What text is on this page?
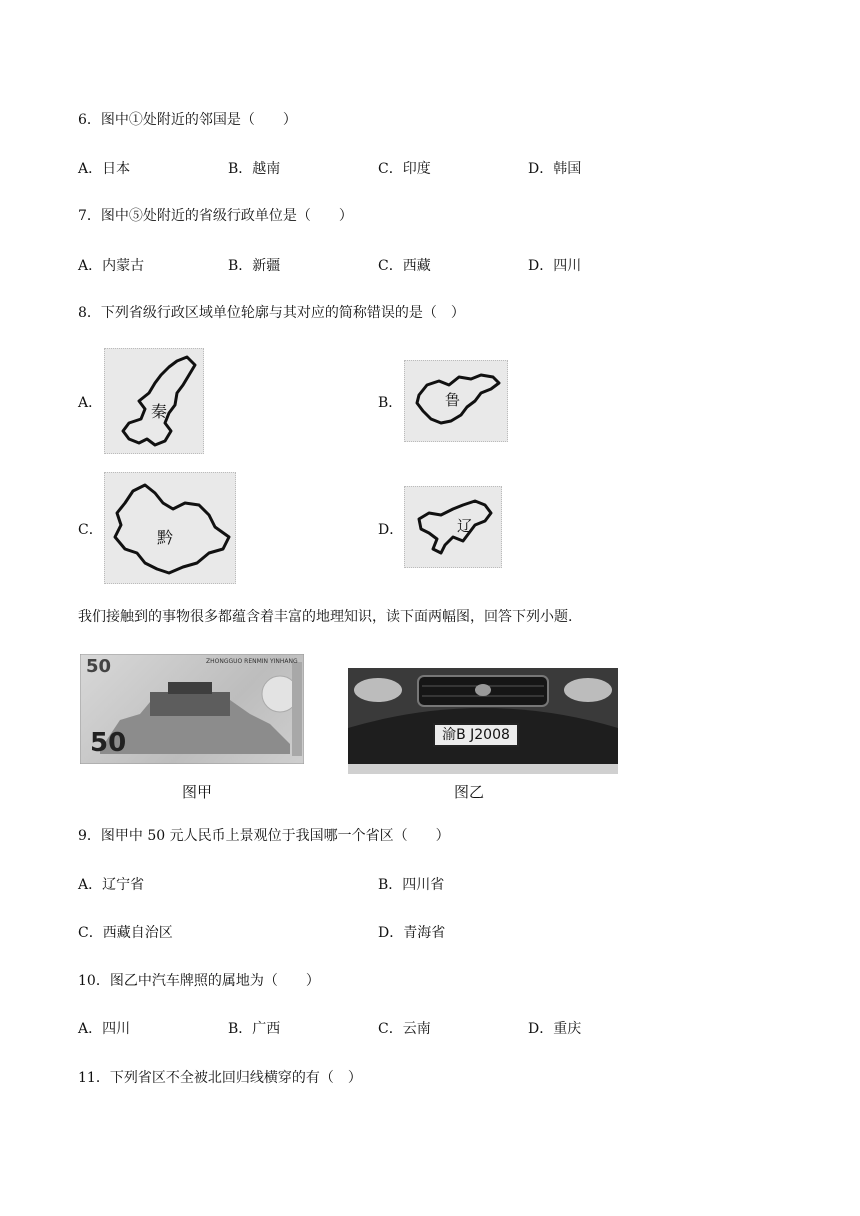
6．图中①处附近的邻国是（　　）
A．日本	B．越南	C．印度	D．韩国
7．图中⑤处附近的省级行政单位是（　　）
A．内蒙古	B．新疆	C．西藏	D．四川
8．下列省级行政区域单位轮廓与其对应的简称错误的是（　）
A．	秦	B．	鲁
C．	黔	D．	辽
我们接触到的事物很多都蕴含着丰富的地理知识，读下面两幅图，回答下列小题.
50
50
ZHONGGUO RENMIN YINHANG
图甲
渝B J2008
图乙
9．图甲中 50 元人民币上景观位于我国哪一个省区（　　）
A．辽宁省	B．四川省
C．西藏自治区	D．青海省
10．图乙中汽车牌照的属地为（　　）
A．四川	B．广西	C．云南	D．重庆
11．下列省区不全被北回归线横穿的有（　）
